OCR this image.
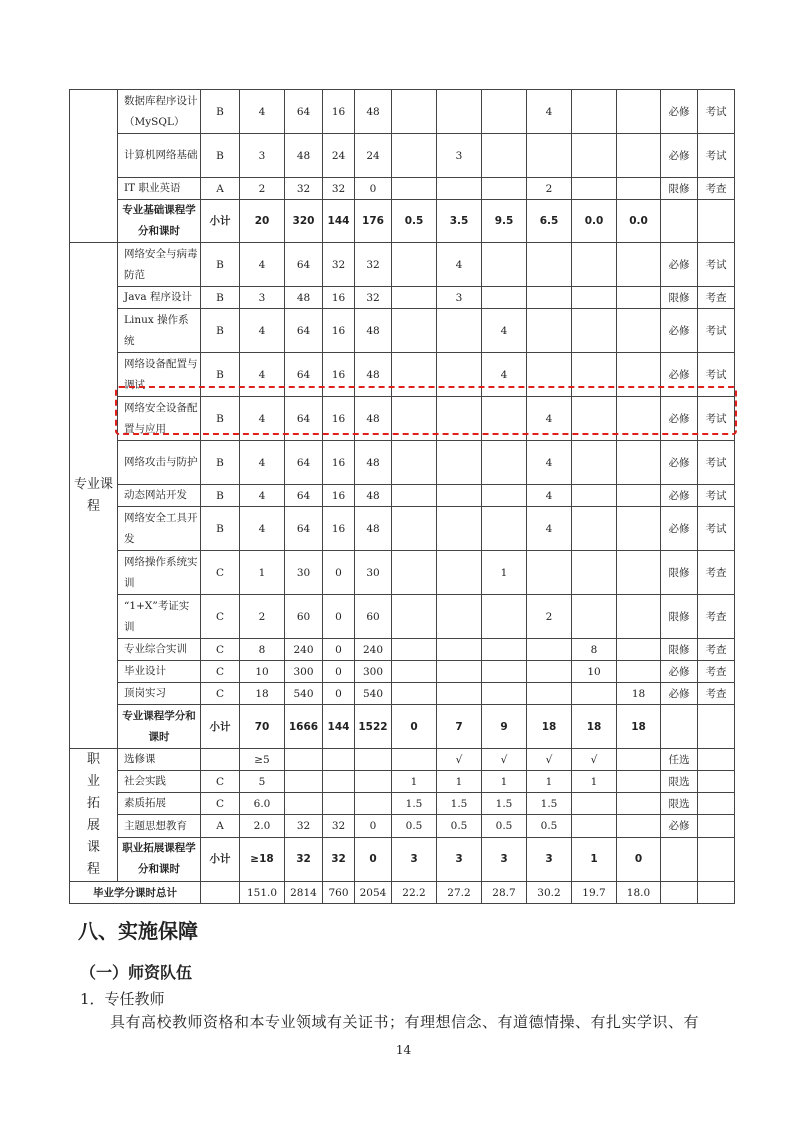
	数据库程序设计（MySQL）	B	4	64	16	48				4			必修	考试
	计算机网络基础	B	3	48	24	24		3					必修	考试
	IT 职业英语	A	2	32	32	0				2			限修	考查
	专业基础课程学分和课时	小计	20	320	144	176	0.5	3.5	9.5	6.5	0.0	0.0		
专业课程	网络安全与病毒防范	B	4	64	32	32		4					必修	考试
	Java 程序设计	B	3	48	16	32		3					限修	考查
	Linux 操作系统	B	4	64	16	48			4				必修	考试
	网络设备配置与调试	B	4	64	16	48			4				必修	考试
	网络安全设备配置与应用	B	4	64	16	48				4			必修	考试
	网络攻击与防护	B	4	64	16	48				4			必修	考试
	动态网站开发	B	4	64	16	48				4			必修	考试
	网络安全工具开发	B	4	64	16	48				4			必修	考试
	网络操作系统实训	C	1	30	0	30			1				限修	考查
	“1+X”考证实训	C	2	60	0	60				2			限修	考查
	专业综合实训	C	8	240	0	240					8		限修	考查
	毕业设计	C	10	300	0	300					10		必修	考查
	顶岗实习	C	18	540	0	540						18	必修	考查
	专业课程学分和课时	小计	70	1666	144	1522	0	7	9	18	18	18		
职业拓展课程	选修课		≥5					√	√	√	√		任选	
	社会实践	C	5				1	1	1	1	1		限选	
	素质拓展	C	6.0				1.5	1.5	1.5	1.5			限选	
	主题思想教育	A	2.0	32	32	0	0.5	0.5	0.5	0.5			必修	
	职业拓展课程学分和课时	小计	≥18	32	32	0	3	3	3	3	1	0		
毕业学分课时总计			151.0	2814	760	2054	22.2	27.2	28.7	30.2	19.7	18.0		
八、实施保障
（一）师资队伍
1．专任教师
具有高校教师资格和本专业领域有关证书；有理想信念、有道德情操、有扎实学识、有
14
